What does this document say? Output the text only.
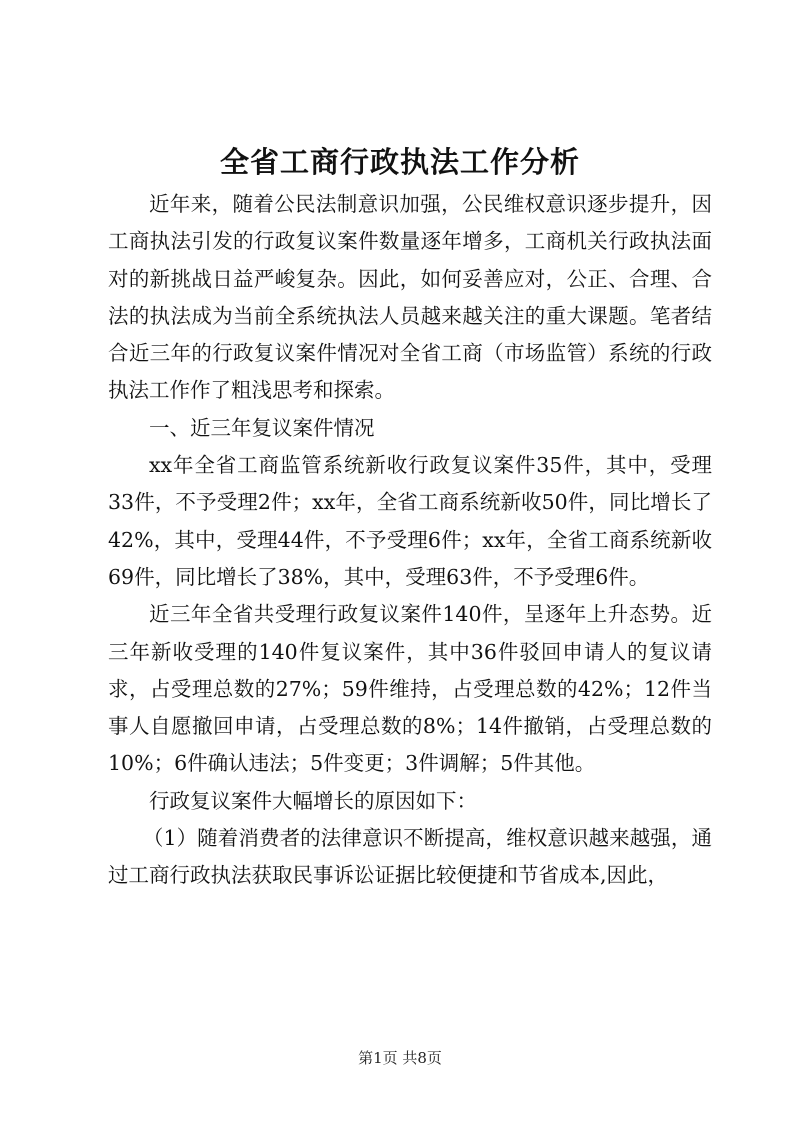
全省工商行政执法工作分析

近年来，随着公民法制意识加强，公民维权意识逐步提升，因工商执法引发的行政复议案件数量逐年增多，工商机关行政执法面对的新挑战日益严峻复杂。因此，如何妥善应对，公正、合理、合法的执法成为当前全系统执法人员越来越关注的重大课题。笔者结合近三年的行政复议案件情况对全省工商（市场监管）系统的行政执法工作作了粗浅思考和探索。

一、近三年复议案件情况

xx年全省工商监管系统新收行政复议案件35件，其中，受理33件，不予受理2件；xx年，全省工商系统新收50件，同比增长了42%，其中，受理44件，不予受理6件；xx年，全省工商系统新收69件，同比增长了38%，其中，受理63件，不予受理6件。

近三年全省共受理行政复议案件140件，呈逐年上升态势。近三年新收受理的140件复议案件，其中36件驳回申请人的复议请求，占受理总数的27%；59件维持，占受理总数的42%；12件当事人自愿撤回申请，占受理总数的8%；14件撤销，占受理总数的10%；6件确认违法；5件变更；3件调解；5件其他。

行政复议案件大幅增长的原因如下：

（1）随着消费者的法律意识不断提高，维权意识越来越强，通过工商行政执法获取民事诉讼证据比较便捷和节省成本,因此，

第1页 共8页
